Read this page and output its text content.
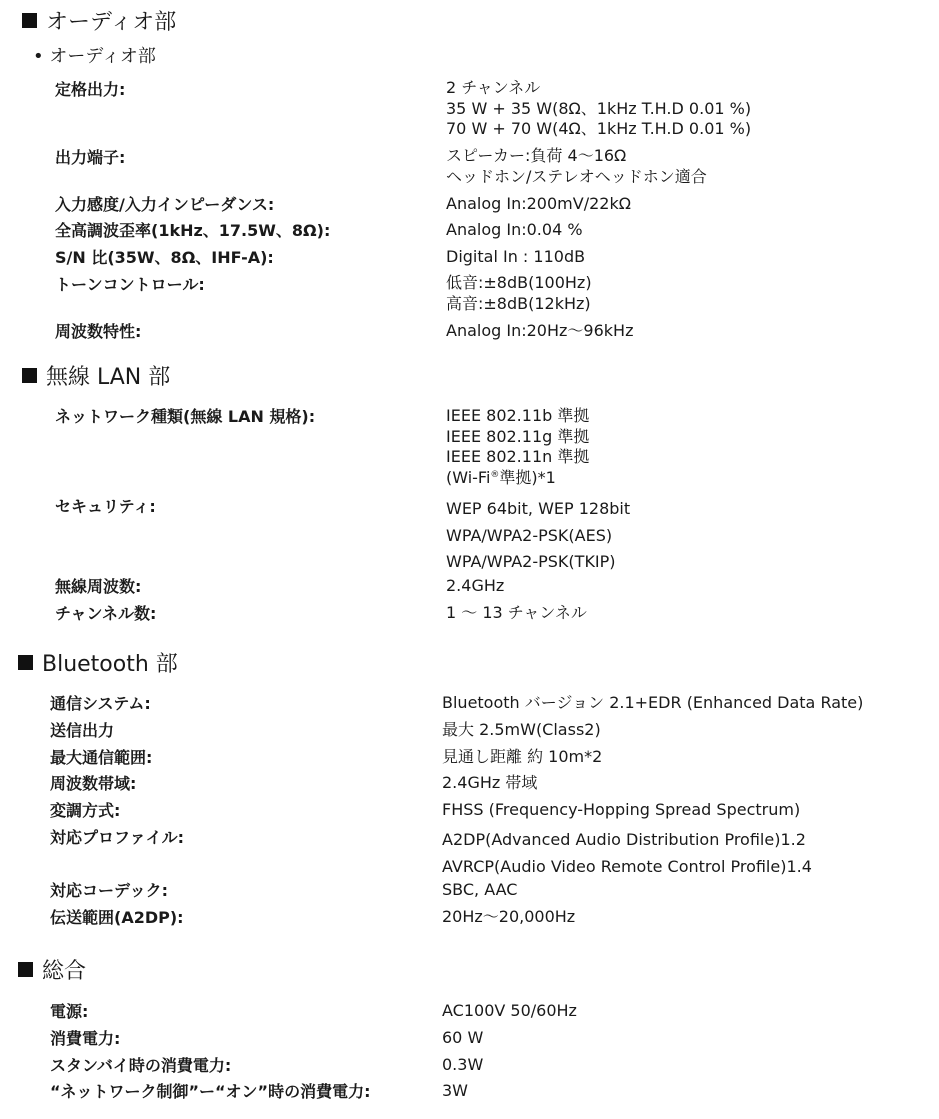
オーディオ部
• オーディオ部
定格出力:	2 チャンネル
35 W + 35 W(8Ω、1kHz T.H.D 0.01 %)
70 W + 70 W(4Ω、1kHz T.H.D 0.01 %)
出力端子:	スピーカー:負荷 4〜16Ω
ヘッドホン/ステレオヘッドホン適合
入力感度/入力インピーダンス:	Analog In:200mV/22kΩ
全高調波歪率(1kHz、17.5W、8Ω):	Analog In:0.04 %
S/N 比(35W、8Ω、IHF-A):	Digital In : 110dB
トーンコントロール:	低音:±8dB(100Hz)
高音:±8dB(12kHz)
周波数特性:	Analog In:20Hz〜96kHz
無線 LAN 部
ネットワーク種類(無線 LAN 規格):	IEEE 802.11b 準拠
IEEE 802.11g 準拠
IEEE 802.11n 準拠
(Wi-Fi®準拠)*1
セキュリティ:	WEP 64bit, WEP 128bit
WPA/WPA2-PSK(AES)
WPA/WPA2-PSK(TKIP)
無線周波数:	2.4GHz
チャンネル数:	1 〜 13 チャンネル
Bluetooth 部
通信システム:	Bluetooth バージョン 2.1+EDR (Enhanced Data Rate)
送信出力	最大 2.5mW(Class2)
最大通信範囲:	見通し距離 約 10m*2
周波数帯域:	2.4GHz 帯域
変調方式:	FHSS (Frequency-Hopping Spread Spectrum)
対応プロファイル:	A2DP(Advanced Audio Distribution Profile)1.2
AVRCP(Audio Video Remote Control Profile)1.4
対応コーデック:	SBC, AAC
伝送範囲(A2DP):	20Hz〜20,000Hz
総合
電源:	AC100V 50/60Hz
消費電力:	60 W
スタンバイ時の消費電力:	0.3W
“ネットワーク制御”ー“オン”時の消費電力:	3W
